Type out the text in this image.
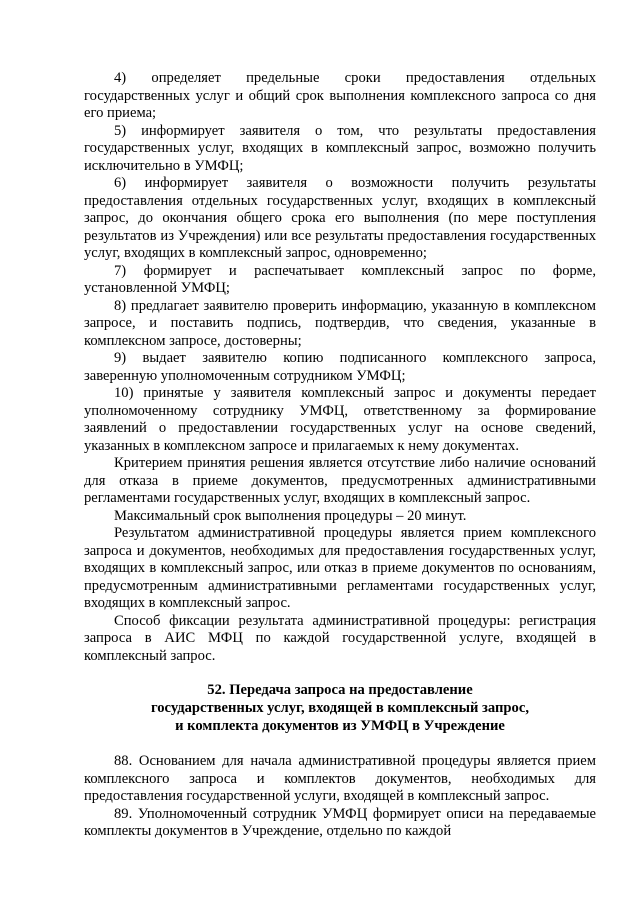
4) определяет предельные сроки предоставления отдельных государственных услуг и общий срок выполнения комплексного запроса со дня его приема;

5) информирует заявителя о том, что результаты предоставления государственных услуг, входящих в комплексный запрос, возможно получить исключительно в УМФЦ;

6) информирует заявителя о возможности получить результаты предоставления отдельных государственных услуг, входящих в комплексный запрос, до окончания общего срока его выполнения (по мере поступления результатов из Учреждения) или все результаты предоставления государственных услуг, входящих в комплексный запрос, одновременно;

7) формирует и распечатывает комплексный запрос по форме, установленной УМФЦ;

8) предлагает заявителю проверить информацию, указанную в комплексном запросе, и поставить подпись, подтвердив, что сведения, указанные в комплексном запросе, достоверны;

9) выдает заявителю копию подписанного комплексного запроса, заверенную уполномоченным сотрудником УМФЦ;

10) принятые у заявителя комплексный запрос и документы передает уполномоченному сотруднику УМФЦ, ответственному за формирование заявлений о предоставлении государственных услуг на основе сведений, указанных в комплексном запросе и прилагаемых к нему документах.

Критерием принятия решения является отсутствие либо наличие оснований для отказа в приеме документов, предусмотренных административными регламентами государственных услуг, входящих в комплексный запрос.

Максимальный срок выполнения процедуры – 20 минут.

Результатом административной процедуры является прием комплексного запроса и документов, необходимых для предоставления государственных услуг, входящих в комплексный запрос, или отказ в приеме документов по основаниям, предусмотренным административными регламентами государственных услуг, входящих в комплексный запрос.

Способ фиксации результата административной процедуры: регистрация запроса в АИС МФЦ по каждой государственной услуге, входящей в комплексный запрос.

52. Передача запроса на предоставление
государственных услуг, входящей в комплексный запрос,
и комплекта документов из УМФЦ в Учреждение

88. Основанием для начала административной процедуры является прием комплексного запроса и комплектов документов, необходимых для предоставления государственной услуги, входящей в комплексный запрос.

89. Уполномоченный сотрудник УМФЦ формирует описи на передаваемые комплекты документов в Учреждение, отдельно по каждой
